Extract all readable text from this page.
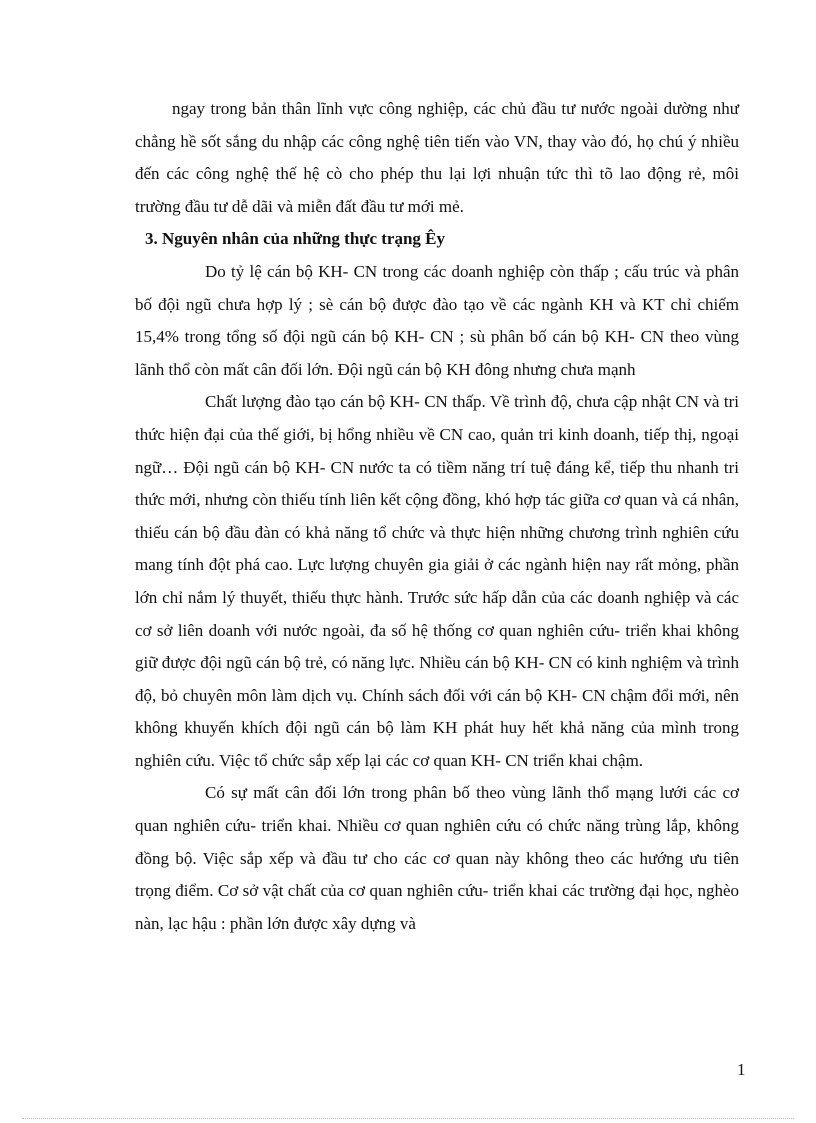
ngay trong bản thân lĩnh vực công nghiệp, các chủ đầu tư nước ngoài dường như chẳng hề sốt sắng du nhập các công nghệ tiên tiến vào VN, thay vào đó, họ chú ý nhiều đến các công nghệ thế hệ cò cho phép thu lại lợi nhuận tức thì tõ lao động rẻ, môi trường đầu tư dễ dãi và miễn đất đầu tư mới mẻ.

3. Nguyên nhân của những thực trạng Êy

Do tỷ lệ cán bộ KH- CN trong các doanh nghiệp còn thấp ; cấu trúc và phân bố đội ngũ chưa hợp lý ; sè cán bộ được đào tạo về các ngành KH và KT chỉ chiếm 15,4% trong tổng số đội ngũ cán bộ KH- CN ; sù phân bố cán bộ KH- CN theo vùng lãnh thổ còn mất cân đối lớn. Đội ngũ cán bộ KH đông nhưng chưa mạnh

Chất lượng đào tạo cán bộ KH- CN thấp. Về trình độ, chưa cập nhật CN và tri thức hiện đại của thế giới, bị hổng nhiều về CN cao, quản tri kinh doanh, tiếp thị, ngoại ngữ… Đội ngũ cán bộ KH- CN nước ta có tiềm năng trí tuệ đáng kể, tiếp thu nhanh tri thức mới, nhưng còn thiếu tính liên kết cộng đồng, khó hợp tác giữa cơ quan và cá nhân, thiếu cán bộ đầu đàn có khả năng tổ chức và thực hiện những chương trình nghiên cứu mang tính đột phá cao. Lực lượng chuyên gia giải ở các ngành hiện nay rất mỏng, phần lớn chỉ nắm lý thuyết, thiếu thực hành. Trước sức hấp dẫn của các doanh nghiệp và các cơ sở liên doanh với nước ngoài, đa số hệ thống cơ quan nghiên cứu- triển khai không giữ được đội ngũ cán bộ trẻ, có năng lực. Nhiều cán bộ KH- CN có kinh nghiệm và trình độ, bỏ chuyên môn làm dịch vụ. Chính sách đối với cán bộ KH- CN chậm đổi mới, nên không khuyến khích đội ngũ cán bộ làm KH phát huy hết khả năng của mình trong nghiên cứu. Việc tổ chức sắp xếp lại các cơ quan KH- CN triển khai chậm.

Có sự mất cân đối lớn trong phân bố theo vùng lãnh thổ mạng lưới các cơ quan nghiên cứu- triển khai. Nhiều cơ quan nghiên cứu có chức năng trùng lắp, không đồng bộ. Việc sắp xếp và đầu tư cho các cơ quan này không theo các hướng ưu tiên trọng điểm. Cơ sở vật chất của cơ quan nghiên cứu- triển khai các trường đại học, nghèo nàn, lạc hậu : phần lớn được xây dựng và

1
